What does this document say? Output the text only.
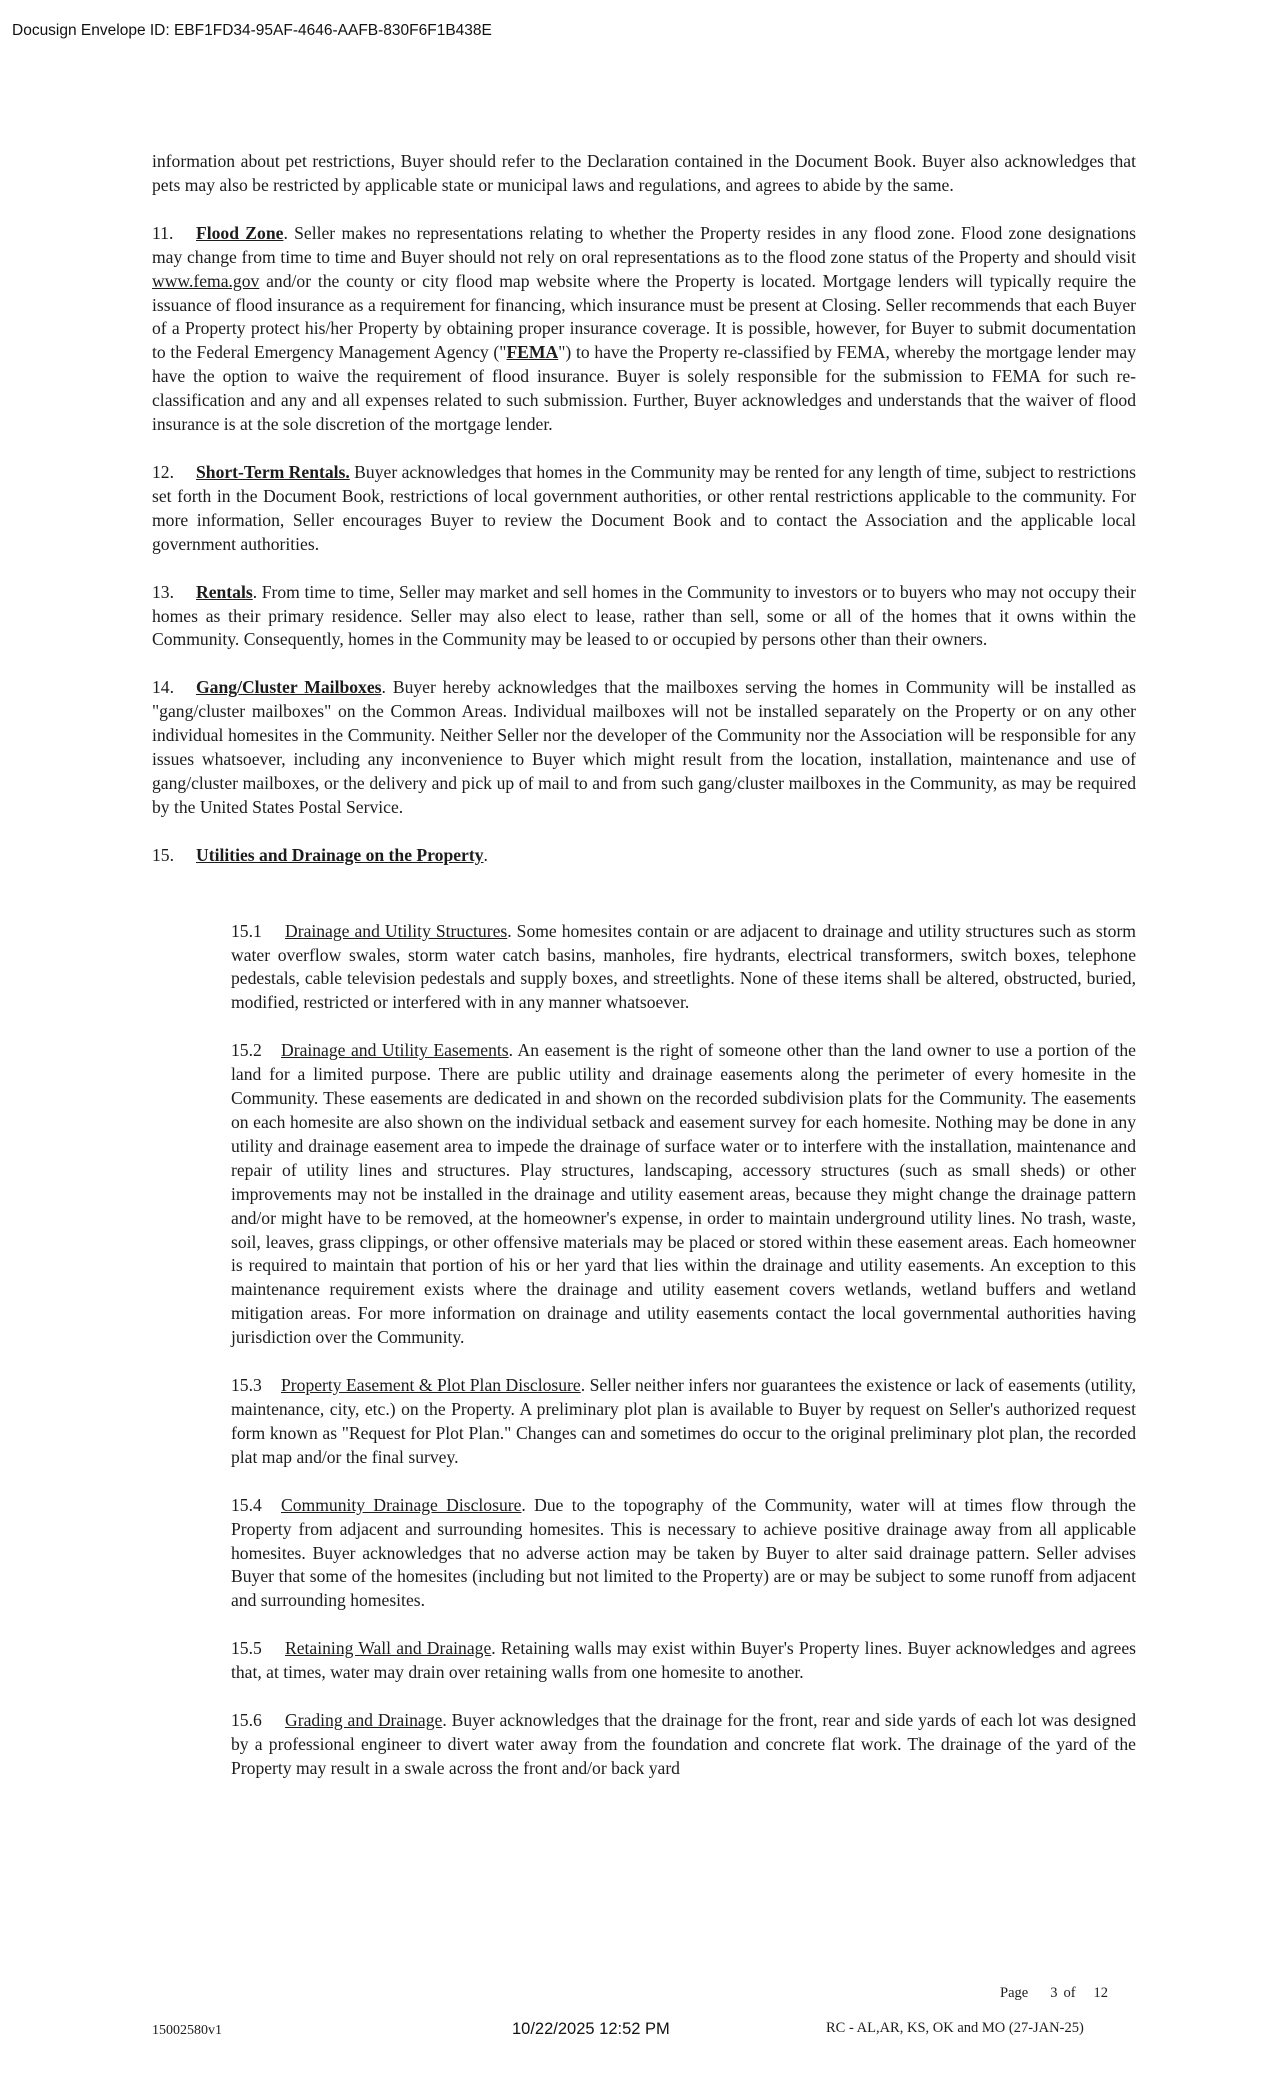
Docusign Envelope ID: EBF1FD34-95AF-4646-AAFB-830F6F1B438E

information about pet restrictions, Buyer should refer to the Declaration contained in the Document Book. Buyer also acknowledges that pets may also be restricted by applicable state or municipal laws and regulations, and agrees to abide by the same.

11. Flood Zone. Seller makes no representations relating to whether the Property resides in any flood zone. Flood zone designations may change from time to time and Buyer should not rely on oral representations as to the flood zone status of the Property and should visit www.fema.gov and/or the county or city flood map website where the Property is located. Mortgage lenders will typically require the issuance of flood insurance as a requirement for financing, which insurance must be present at Closing. Seller recommends that each Buyer of a Property protect his/her Property by obtaining proper insurance coverage. It is possible, however, for Buyer to submit documentation to the Federal Emergency Management Agency ("FEMA") to have the Property re-classified by FEMA, whereby the mortgage lender may have the option to waive the requirement of flood insurance. Buyer is solely responsible for the submission to FEMA for such re-classification and any and all expenses related to such submission. Further, Buyer acknowledges and understands that the waiver of flood insurance is at the sole discretion of the mortgage lender.

12. Short-Term Rentals. Buyer acknowledges that homes in the Community may be rented for any length of time, subject to restrictions set forth in the Document Book, restrictions of local government authorities, or other rental restrictions applicable to the community. For more information, Seller encourages Buyer to review the Document Book and to contact the Association and the applicable local government authorities.

13. Rentals. From time to time, Seller may market and sell homes in the Community to investors or to buyers who may not occupy their homes as their primary residence. Seller may also elect to lease, rather than sell, some or all of the homes that it owns within the Community. Consequently, homes in the Community may be leased to or occupied by persons other than their owners.

14. Gang/Cluster Mailboxes. Buyer hereby acknowledges that the mailboxes serving the homes in Community will be installed as "gang/cluster mailboxes" on the Common Areas. Individual mailboxes will not be installed separately on the Property or on any other individual homesites in the Community. Neither Seller nor the developer of the Community nor the Association will be responsible for any issues whatsoever, including any inconvenience to Buyer which might result from the location, installation, maintenance and use of gang/cluster mailboxes, or the delivery and pick up of mail to and from such gang/cluster mailboxes in the Community, as may be required by the United States Postal Service.

15. Utilities and Drainage on the Property.

15.1 Drainage and Utility Structures. Some homesites contain or are adjacent to drainage and utility structures such as storm water overflow swales, storm water catch basins, manholes, fire hydrants, electrical transformers, switch boxes, telephone pedestals, cable television pedestals and supply boxes, and streetlights. None of these items shall be altered, obstructed, buried, modified, restricted or interfered with in any manner whatsoever.

15.2 Drainage and Utility Easements. An easement is the right of someone other than the land owner to use a portion of the land for a limited purpose. There are public utility and drainage easements along the perimeter of every homesite in the Community. These easements are dedicated in and shown on the recorded subdivision plats for the Community. The easements on each homesite are also shown on the individual setback and easement survey for each homesite. Nothing may be done in any utility and drainage easement area to impede the drainage of surface water or to interfere with the installation, maintenance and repair of utility lines and structures. Play structures, landscaping, accessory structures (such as small sheds) or other improvements may not be installed in the drainage and utility easement areas, because they might change the drainage pattern and/or might have to be removed, at the homeowner's expense, in order to maintain underground utility lines. No trash, waste, soil, leaves, grass clippings, or other offensive materials may be placed or stored within these easement areas. Each homeowner is required to maintain that portion of his or her yard that lies within the drainage and utility easements. An exception to this maintenance requirement exists where the drainage and utility easement covers wetlands, wetland buffers and wetland mitigation areas. For more information on drainage and utility easements contact the local governmental authorities having jurisdiction over the Community.

15.3 Property Easement & Plot Plan Disclosure. Seller neither infers nor guarantees the existence or lack of easements (utility, maintenance, city, etc.) on the Property. A preliminary plot plan is available to Buyer by request on Seller's authorized request form known as "Request for Plot Plan." Changes can and sometimes do occur to the original preliminary plot plan, the recorded plat map and/or the final survey.

15.4 Community Drainage Disclosure. Due to the topography of the Community, water will at times flow through the Property from adjacent and surrounding homesites. This is necessary to achieve positive drainage away from all applicable homesites. Buyer acknowledges that no adverse action may be taken by Buyer to alter said drainage pattern. Seller advises Buyer that some of the homesites (including but not limited to the Property) are or may be subject to some runoff from adjacent and surrounding homesites.

15.5 Retaining Wall and Drainage. Retaining walls may exist within Buyer's Property lines. Buyer acknowledges and agrees that, at times, water may drain over retaining walls from one homesite to another.

15.6 Grading and Drainage. Buyer acknowledges that the drainage for the front, rear and side yards of each lot was designed by a professional engineer to divert water away from the foundation and concrete flat work. The drainage of the yard of the Property may result in a swale across the front and/or back yard

Page 3 of 12
15002580v1	10/22/2025 12:52 PM	RC - AL,AR, KS, OK and MO (27-JAN-25)
